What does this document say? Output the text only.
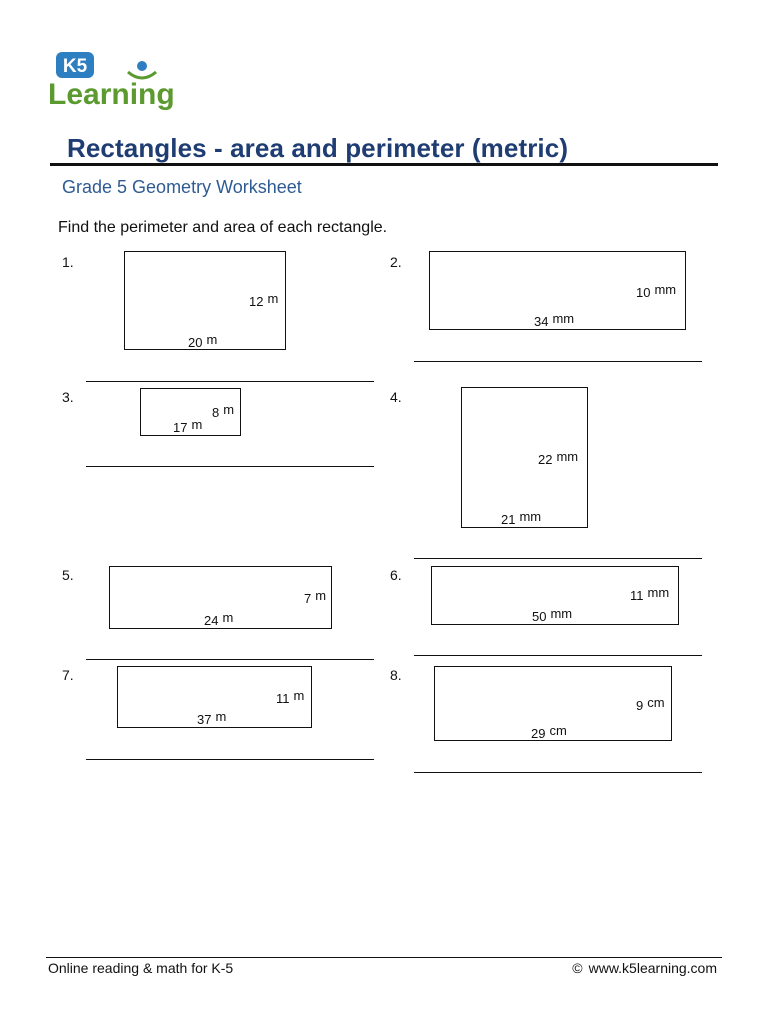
K5
Learning
Rectangles - area and perimeter (metric)
Grade 5 Geometry Worksheet
Find the perimeter and area of each rectangle.
1.
12 m
20 m
2.
10 mm
34 mm
3.
8 m
17 m
4.
22 mm
21 mm
5.
7 m
24 m
6.
11 mm
50 mm
7.
11 m
37 m
8.
9 cm
29 cm
Online reading & math for K-5	© www.k5learning.com
